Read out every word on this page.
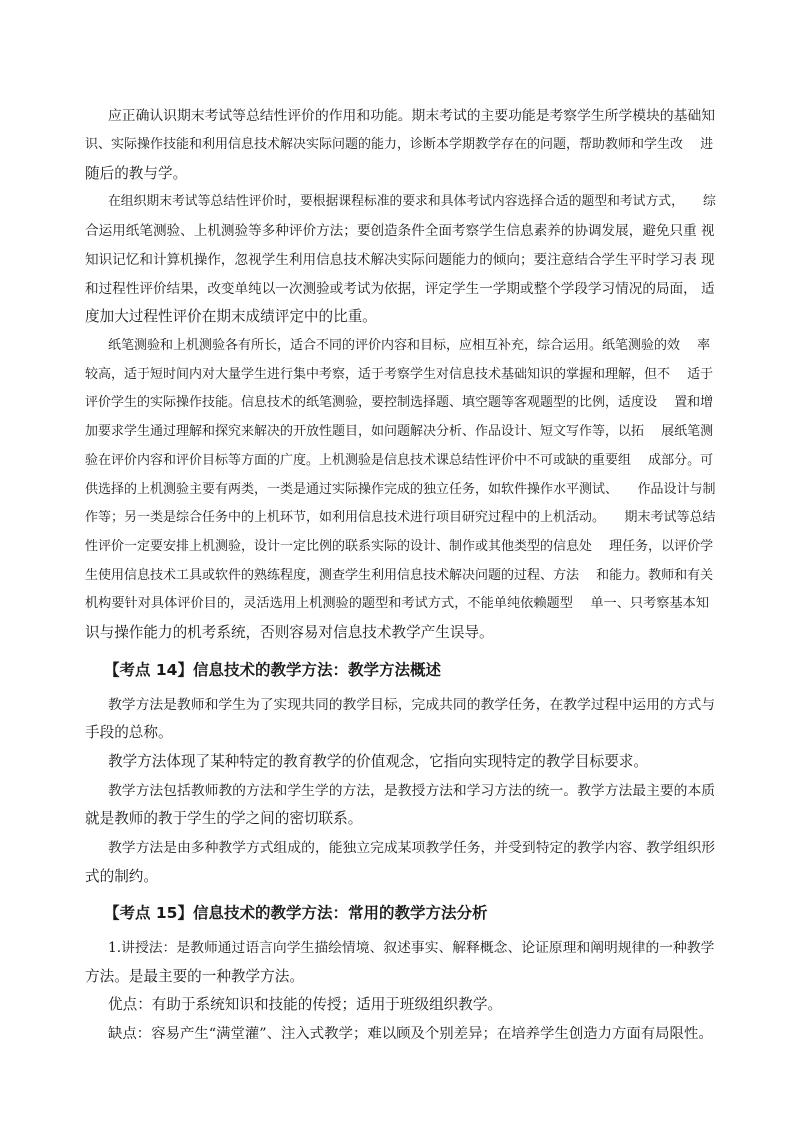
应正确认识期末考试等总结性评价的作用和功能。期末考试的主要功能是考察学生所学模块的基础知

识、实际操作技能和利用信息技术解决实际问题的能力，诊断本学期教学存在的问题，帮助教师和学生改　 进

随后的教与学。

在组织期末考试等总结性评价时，要根据课程标准的要求和具体考试内容选择合适的题型和考试方式，　　综

合运用纸笔测验、上机测验等多种评价方法；要创造条件全面考察学生信息素养的协调发展，避免只重 视

知识记忆和计算机操作，忽视学生利用信息技术解决实际问题能力的倾向；要注意结合学生平时学习表 现

和过程性评价结果，改变单纯以一次测验或考试为依据，评定学生一学期或整个学段学习情况的局面， 适

度加大过程性评价在期末成绩评定中的比重。

纸笔测验和上机测验各有所长，适合不同的评价内容和目标，应相互补充，综合运用。纸笔测验的效　 率

较高，适于短时间内对大量学生进行集中考察，适于考察学生对信息技术基础知识的掌握和理解，但不　 适于

评价学生的实际操作技能。信息技术的纸笔测验，要控制选择题、填空题等客观题型的比例，适度设　 置和增

加要求学生通过理解和探究来解决的开放性题目，如问题解决分析、作品设计、短文写作等，以拓　 展纸笔测

验在评价内容和评价目标等方面的广度。上机测验是信息技术课总结性评价中不可或缺的重要组　 成部分。可

供选择的上机测验主要有两类，一类是通过实际操作完成的独立任务，如软件操作水平测试、　　作品设计与制

作等；另一类是综合任务中的上机环节，如利用信息技术进行项目研究过程中的上机活动。　　期末考试等总结

性评价一定要安排上机测验，设计一定比例的联系实际的设计、制作或其他类型的信息处　 理任务，以评价学

生使用信息技术工具或软件的熟练程度，测查学生利用信息技术解决问题的过程、方法　 和能力。教师和有关

机构要针对具体评价目的，灵活选用上机测验的题型和考试方式，不能单纯依赖题型　 单一、只考察基本知

识与操作能力的机考系统，否则容易对信息技术教学产生误导。

【考点 14】信息技术的教学方法：教学方法概述

教学方法是教师和学生为了实现共同的教学目标，完成共同的教学任务，在教学过程中运用的方式与

手段的总称。

教学方法体现了某种特定的教育教学的价值观念，它指向实现特定的教学目标要求。

教学方法包括教师教的方法和学生学的方法，是教授方法和学习方法的统一。教学方法最主要的本质

就是教师的教于学生的学之间的密切联系。

教学方法是由多种教学方式组成的，能独立完成某项教学任务，并受到特定的教学内容、教学组织形

式的制约。

【考点 15】信息技术的教学方法：常用的教学方法分析

1.讲授法：是教师通过语言向学生描绘情境、叙述事实、解释概念、论证原理和阐明规律的一种教学

方法。是最主要的一种教学方法。

优点：有助于系统知识和技能的传授；适用于班级组织教学。

缺点：容易产生“满堂灌”、注入式教学；难以顾及个别差异；在培养学生创造力方面有局限性。
